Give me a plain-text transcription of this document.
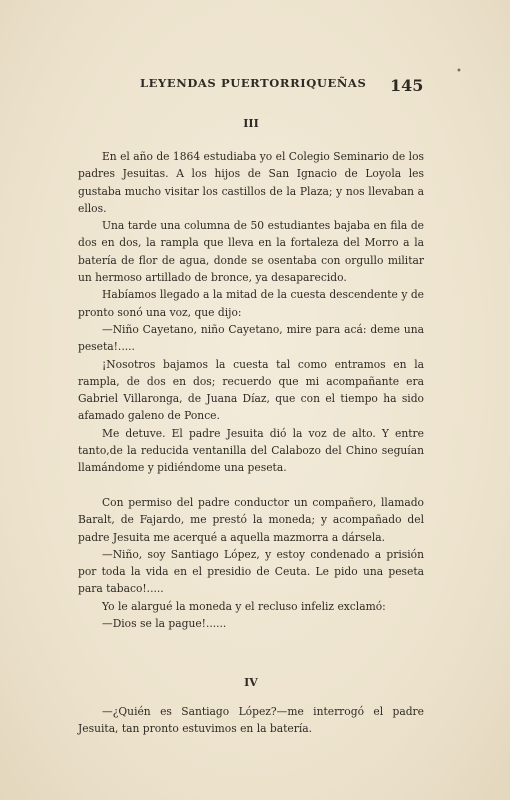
LEYENDAS PUERTORRIQUEÑAS 145
•
III

En el año de 1864 estudiaba yo el Colegio Seminario de los padres Jesuitas. A los hijos de San Ignacio de Loyola les gustaba mucho visitar los castillos de la Plaza; y nos llevaban a ellos.

Una tarde una columna de 50 estudiantes bajaba en fila de dos en dos, la rampla que lleva en la fortaleza del Morro a la batería de flor de agua, donde se osentaba con orgullo militar un hermoso artillado de bronce, ya desaparecido.

Habíamos llegado a la mitad de la cuesta descendente y de pronto sonó una voz, que dijo:

—Niño Cayetano, niño Cayetano, mire para acá: deme una peseta!.....

¡Nosotros bajamos la cuesta tal como entramos en la rampla, de dos en dos; recuerdo que mi acompañante era Gabriel Villaronga, de Juana Díaz, que con el tiempo ha sido afamado galeno de Ponce.

Me detuve. El padre Jesuita dió la voz de alto. Y entre tanto,de la reducida ventanilla del Calabozo del Chino seguían llamándome y pidiéndome una peseta.

Con permiso del padre conductor un compañero, llamado Baralt, de Fajardo, me prestó la moneda; y acompañado del padre Jesuita me acerqué a aquella mazmorra a dársela.

—Niño, soy Santiago López, y estoy condenado a prisión por toda la vida en el presidio de Ceuta. Le pido una peseta para tabaco!.....

Yo le alargué la moneda y el recluso infeliz exclamó:

—Dios se la pague!......

IV

—¿Quién es Santiago López?—me interrogó el padre Jesuita, tan pronto estuvimos en la batería.
